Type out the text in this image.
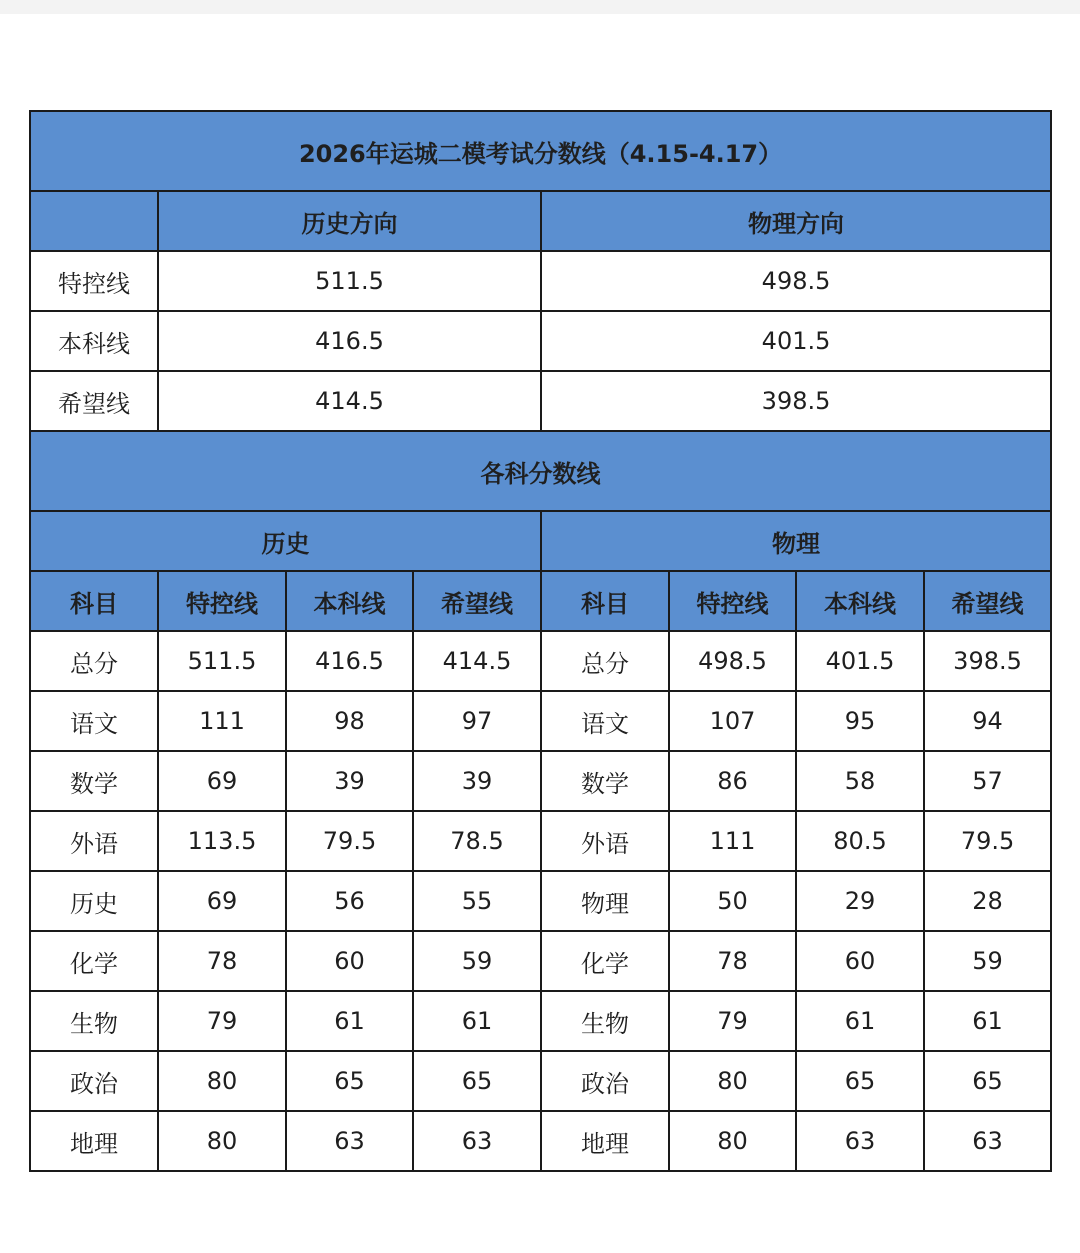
2026年运城二模考试分数线（4.15-4.17）							
	历史方向			物理方向			
特控线	511.5			498.5			
本科线	416.5			401.5			
希望线	414.5			398.5			
各科分数线							
历史				物理			
科目	特控线	本科线	希望线	科目	特控线	本科线	希望线
总分	511.5	416.5	414.5	总分	498.5	401.5	398.5
语文	111	98	97	语文	107	95	94
数学	69	39	39	数学	86	58	57
外语	113.5	79.5	78.5	外语	111	80.5	79.5
历史	69	56	55	物理	50	29	28
化学	78	60	59	化学	78	60	59
生物	79	61	61	生物	79	61	61
政治	80	65	65	政治	80	65	65
地理	80	63	63	地理	80	63	63
